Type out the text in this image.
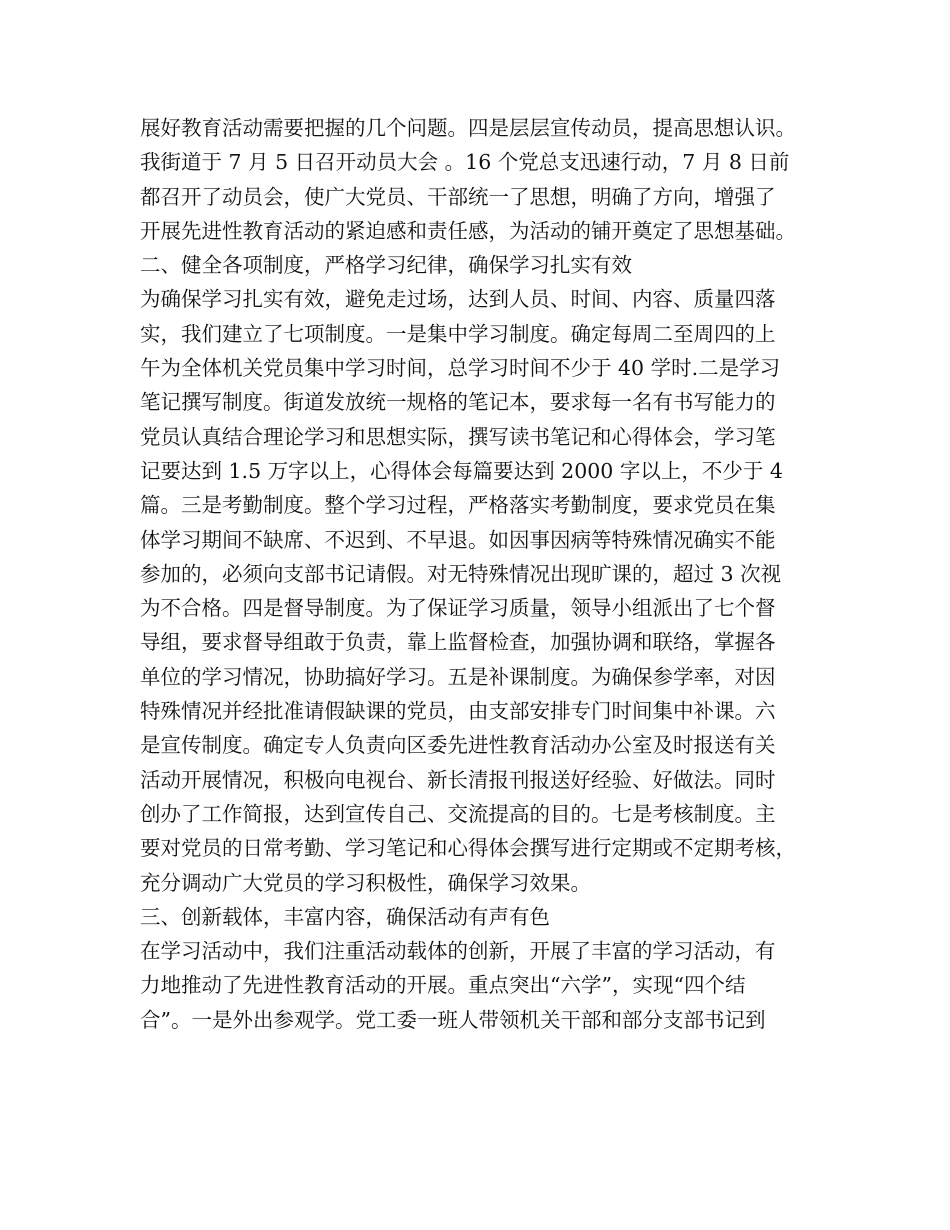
展好教育活动需要把握的几个问题。四是层层宣传动员，提高思想认识。
我街道于 7 月 5 日召开动员大会 。16 个党总支迅速行动，7 月 8 日前
都召开了动员会，使广大党员、干部统一了思想，明确了方向，增强了
开展先进性教育活动的紧迫感和责任感，为活动的铺开奠定了思想基础。
二、健全各项制度，严格学习纪律，确保学习扎实有效
为确保学习扎实有效，避免走过场，达到人员、时间、内容、质量四落
实，我们建立了七项制度。一是集中学习制度。确定每周二至周四的上
午为全体机关党员集中学习时间，总学习时间不少于 40 学时.二是学习
笔记撰写制度。街道发放统一规格的笔记本，要求每一名有书写能力的
党员认真结合理论学习和思想实际，撰写读书笔记和心得体会，学习笔
记要达到 1.5 万字以上，心得体会每篇要达到 2000 字以上，不少于 4
篇。三是考勤制度。整个学习过程，严格落实考勤制度，要求党员在集
体学习期间不缺席、不迟到、不早退。如因事因病等特殊情况确实不能
参加的，必须向支部书记请假。对无特殊情况出现旷课的，超过 3 次视
为不合格。四是督导制度。为了保证学习质量，领导小组派出了七个督
导组，要求督导组敢于负责，靠上监督检查，加强协调和联络，掌握各
单位的学习情况，协助搞好学习。五是补课制度。为确保参学率，对因
特殊情况并经批准请假缺课的党员，由支部安排专门时间集中补课。六
是宣传制度。确定专人负责向区委先进性教育活动办公室及时报送有关
活动开展情况，积极向电视台、新长清报刊报送好经验、好做法。同时
创办了工作简报，达到宣传自己、交流提高的目的。七是考核制度。主
要对党员的日常考勤、学习笔记和心得体会撰写进行定期或不定期考核，
充分调动广大党员的学习积极性，确保学习效果。
三、创新载体，丰富内容，确保活动有声有色
在学习活动中，我们注重活动载体的创新，开展了丰富的学习活动，有
力地推动了先进性教育活动的开展。重点突出“六学”，实现“四个结
合”。一是外出参观学。党工委一班人带领机关干部和部分支部书记到
